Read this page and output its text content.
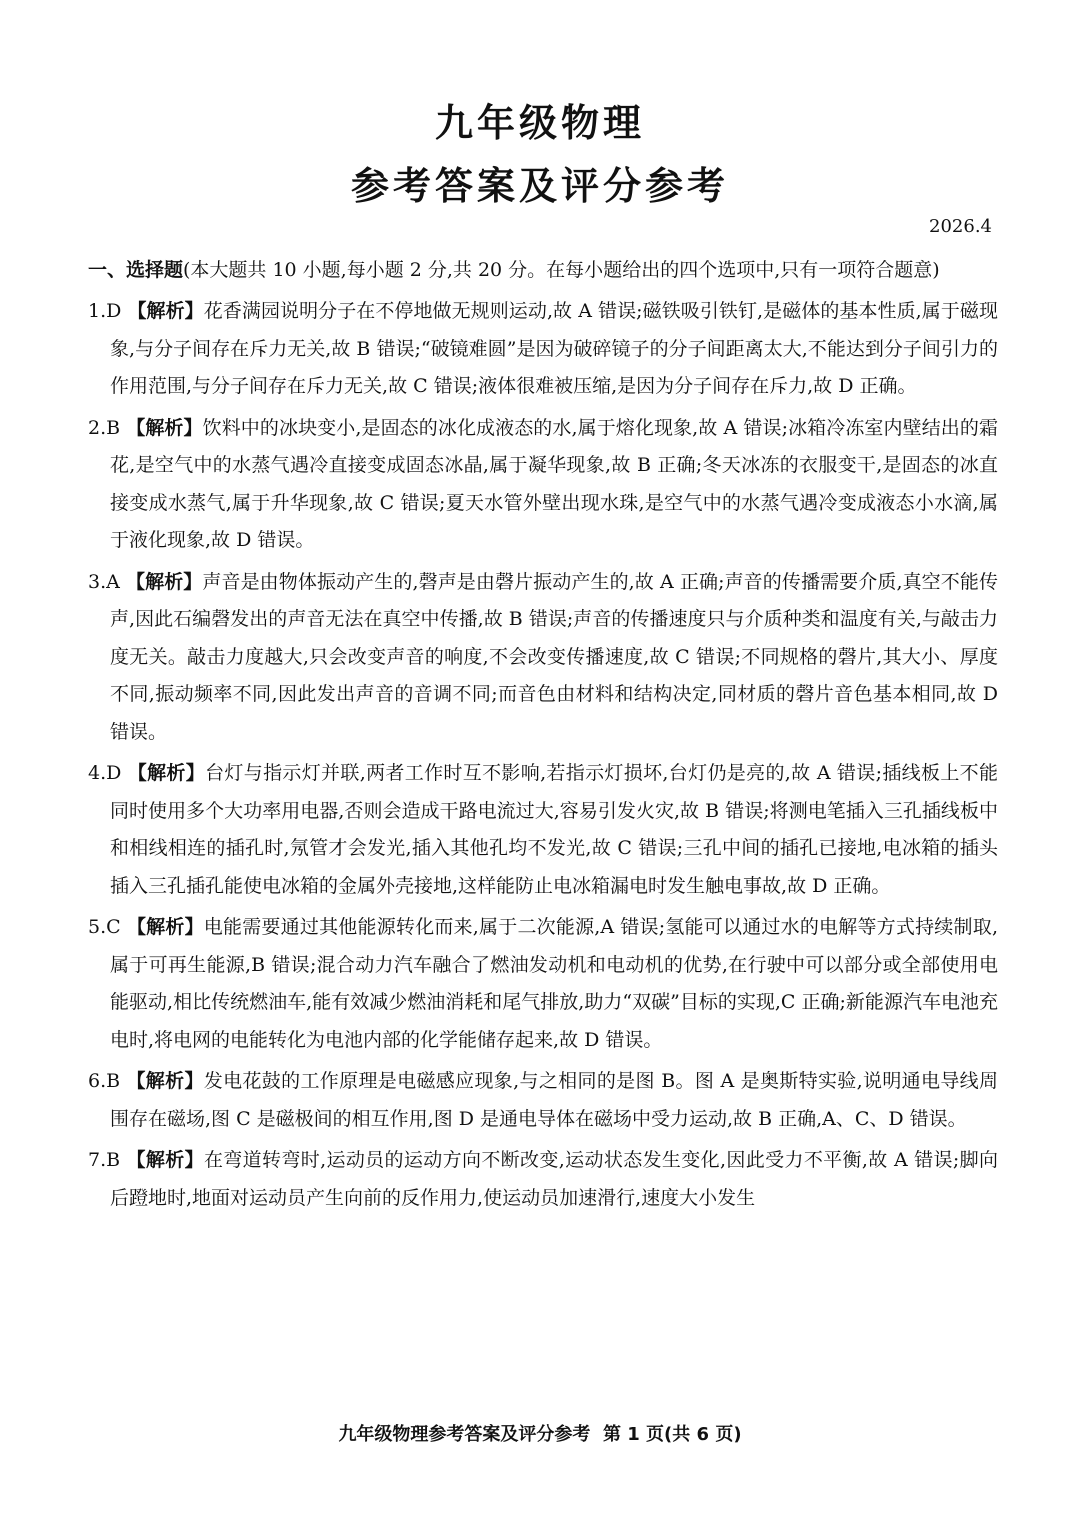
九年级物理
参考答案及评分参考
2026.4
一、选择题(本大题共 10 小题,每小题 2 分,共 20 分。在每小题给出的四个选项中,只有一项符合题意)
1.D 【解析】花香满园说明分子在不停地做无规则运动,故 A 错误;磁铁吸引铁钉,是磁体的基本性质,属于磁现象,与分子间存在斥力无关,故 B 错误;“破镜难圆”是因为破碎镜子的分子间距离太大,不能达到分子间引力的作用范围,与分子间存在斥力无关,故 C 错误;液体很难被压缩,是因为分子间存在斥力,故 D 正确。
2.B 【解析】饮料中的冰块变小,是固态的冰化成液态的水,属于熔化现象,故 A 错误;冰箱冷冻室内壁结出的霜花,是空气中的水蒸气遇冷直接变成固态冰晶,属于凝华现象,故 B 正确;冬天冰冻的衣服变干,是固态的冰直接变成水蒸气,属于升华现象,故 C 错误;夏天水管外壁出现水珠,是空气中的水蒸气遇冷变成液态小水滴,属于液化现象,故 D 错误。
3.A 【解析】声音是由物体振动产生的,磬声是由磬片振动产生的,故 A 正确;声音的传播需要介质,真空不能传声,因此石编磬发出的声音无法在真空中传播,故 B 错误;声音的传播速度只与介质种类和温度有关,与敲击力度无关。敲击力度越大,只会改变声音的响度,不会改变传播速度,故 C 错误;不同规格的磬片,其大小、厚度不同,振动频率不同,因此发出声音的音调不同;而音色由材料和结构决定,同材质的磬片音色基本相同,故 D 错误。
4.D 【解析】台灯与指示灯并联,两者工作时互不影响,若指示灯损坏,台灯仍是亮的,故 A 错误;插线板上不能同时使用多个大功率用电器,否则会造成干路电流过大,容易引发火灾,故 B 错误;将测电笔插入三孔插线板中和相线相连的插孔时,氖管才会发光,插入其他孔均不发光,故 C 错误;三孔中间的插孔已接地,电冰箱的插头插入三孔插孔能使电冰箱的金属外壳接地,这样能防止电冰箱漏电时发生触电事故,故 D 正确。
5.C 【解析】电能需要通过其他能源转化而来,属于二次能源,A 错误;氢能可以通过水的电解等方式持续制取,属于可再生能源,B 错误;混合动力汽车融合了燃油发动机和电动机的优势,在行驶中可以部分或全部使用电能驱动,相比传统燃油车,能有效减少燃油消耗和尾气排放,助力“双碳”目标的实现,C 正确;新能源汽车电池充电时,将电网的电能转化为电池内部的化学能储存起来,故 D 错误。
6.B 【解析】发电花鼓的工作原理是电磁感应现象,与之相同的是图 B。图 A 是奥斯特实验,说明通电导线周围存在磁场,图 C 是磁极间的相互作用,图 D 是通电导体在磁场中受力运动,故 B 正确,A、C、D 错误。
7.B 【解析】在弯道转弯时,运动员的运动方向不断改变,运动状态发生变化,因此受力不平衡,故 A 错误;脚向后蹬地时,地面对运动员产生向前的反作用力,使运动员加速滑行,速度大小发生
九年级物理参考答案及评分参考 第 1 页(共 6 页)
